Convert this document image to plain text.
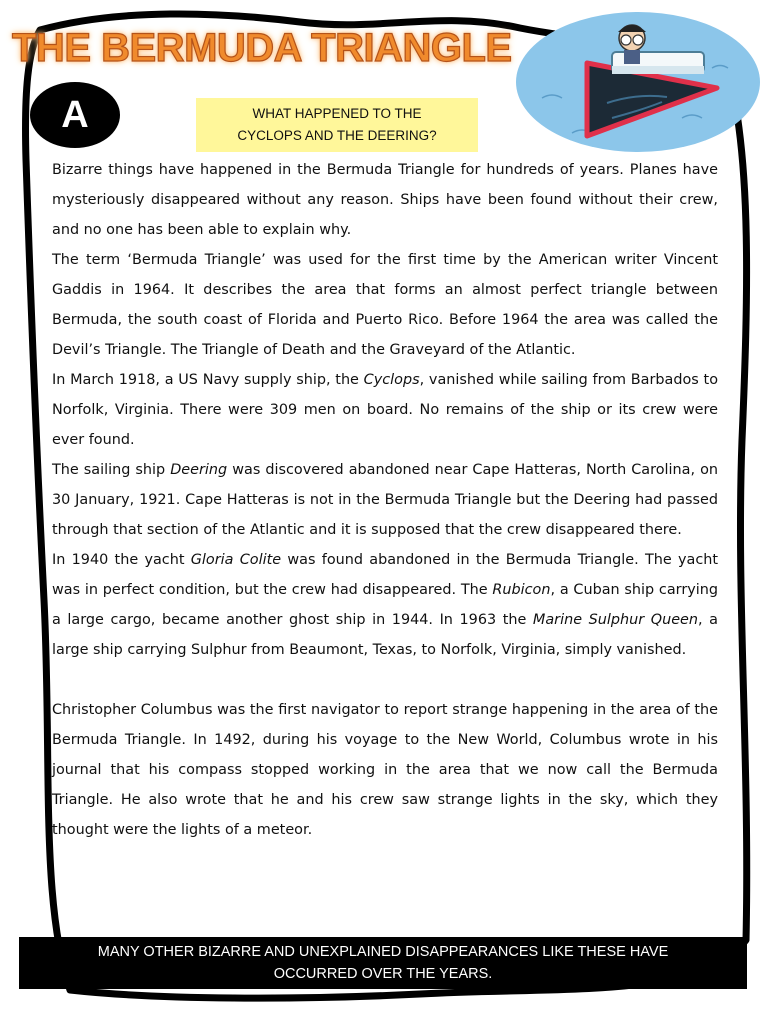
THE BERMUDA TRIANGLE
A	WHAT HAPPENED TO THE
CYCLOPS AND THE DEERING?

Bizarre things have happened in the Bermuda Triangle for hundreds of years. Planes have mysteriously disappeared without any reason. Ships have been found without their crew, and no one has been able to explain why.

The term ‘Bermuda Triangle’ was used for the first time by the American writer Vincent Gaddis in 1964. It describes the area that forms an almost perfect triangle between Bermuda, the south coast of Florida and Puerto Rico. Before 1964 the area was called the Devil’s Triangle. The Triangle of Death and the Graveyard of the Atlantic.

In March 1918, a US Navy supply ship, the Cyclops, vanished while sailing from Barbados to Norfolk, Virginia. There were 309 men on board. No remains of the ship or its crew were ever found.

The sailing ship Deering was discovered abandoned near Cape Hatteras, North Carolina, on 30 January, 1921. Cape Hatteras is not in the Bermuda Triangle but the Deering had passed through that section of the Atlantic and it is supposed that the crew disappeared there.

In 1940 the yacht Gloria Colite was found abandoned in the Bermuda Triangle. The yacht was in perfect condition, but the crew had disappeared. The Rubicon, a Cuban ship carrying a large cargo, became another ghost ship in 1944. In 1963 the Marine Sulphur Queen, a large ship carrying Sulphur from Beaumont, Texas, to Norfolk, Virginia, simply vanished.

Christopher Columbus was the first navigator to report strange happening in the area of the Bermuda Triangle. In 1492, during his voyage to the New World, Columbus wrote in his journal that his compass stopped working in the area that we now call the Bermuda Triangle. He also wrote that he and his crew saw strange lights in the sky, which they thought were the lights of a meteor.

MANY OTHER BIZARRE AND UNEXPLAINED DISAPPEARANCES LIKE THESE HAVE
OCCURRED OVER THE YEARS.
